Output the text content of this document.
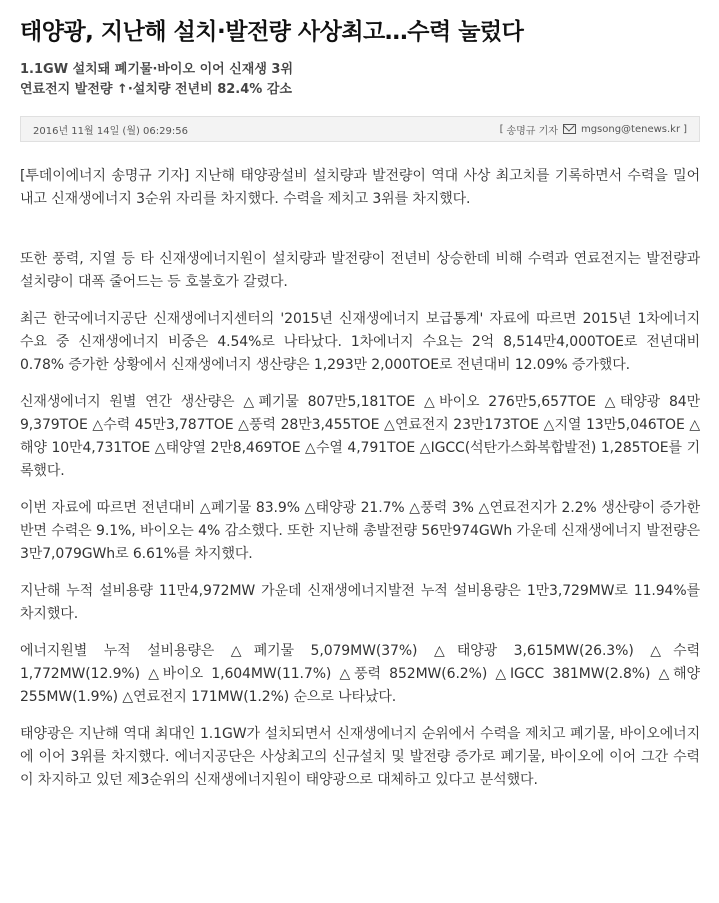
태양광, 지난해 설치·발전량 사상최고…수력 눌렀다
1.1GW 설치돼 폐기물·바이오 이어 신재생 3위
연료전지 발전량 ↑·설치량 전년비 82.4% 감소
2016년 11월 14일 (월) 06:29:56	[ 송명규 기자 mgsong@tenews.kr ]

[투데이에너지 송명규 기자] 지난해 태양광설비 설치량과 발전량이 역대 사상 최고치를 기록하면서 수력을 밀어내고 신재생에너지 3순위 자리를 차지했다. 수력을 제치고 3위를 차지했다.

또한 풍력, 지열 등 타 신재생에너지원이 설치량과 발전량이 전년비 상승한데 비해 수력과 연료전지는 발전량과 설치량이 대폭 줄어드는 등 호불호가 갈렸다.

최근 한국에너지공단 신재생에너지센터의 '2015년 신재생에너지 보급통계' 자료에 따르면 2015년 1차에너지 수요 중 신재생에너지 비중은 4.54%로 나타났다. 1차에너지 수요는 2억 8,514만4,000TOE로 전년대비 0.78% 증가한 상황에서 신재생에너지 생산량은 1,293만 2,000TOE로 전년대비 12.09% 증가했다.

신재생에너지 원별 연간 생산량은 △폐기물 807만5,181TOE △바이오 276만5,657TOE △태양광 84만9,379TOE △수력 45만3,787TOE △풍력 28만3,455TOE △연료전지 23만173TOE △지열 13만5,046TOE △해양 10만4,731TOE △태양열 2만8,469TOE △수열 4,791TOE △IGCC(석탄가스화복합발전) 1,285TOE를 기록했다.

이번 자료에 따르면 전년대비 △폐기물 83.9% △태양광 21.7% △풍력 3% △연료전지가 2.2% 생산량이 증가한 반면 수력은 9.1%, 바이오는 4% 감소했다. 또한 지난해 총발전량 56만974GWh 가운데 신재생에너지 발전량은 3만7,079GWh로 6.61%를 차지했다.

지난해 누적 설비용량 11만4,972MW 가운데 신재생에너지발전 누적 설비용량은 1만3,729MW로 11.94%를 차지했다.

에너지원별 누적 설비용량은 △폐기물 5,079MW(37%) △태양광 3,615MW(26.3%) △수력 1,772MW(12.9%) △바이오 1,604MW(11.7%) △풍력 852MW(6.2%) △IGCC 381MW(2.8%) △해양 255MW(1.9%) △연료전지 171MW(1.2%) 순으로 나타났다.

태양광은 지난해 역대 최대인 1.1GW가 설치되면서 신재생에너지 순위에서 수력을 제치고 폐기물, 바이오에너지에 이어 3위를 차지했다. 에너지공단은 사상최고의 신규설치 및 발전량 증가로 폐기물, 바이오에 이어 그간 수력이 차지하고 있던 제3순위의 신재생에너지원이 태양광으로 대체하고 있다고 분석했다.
